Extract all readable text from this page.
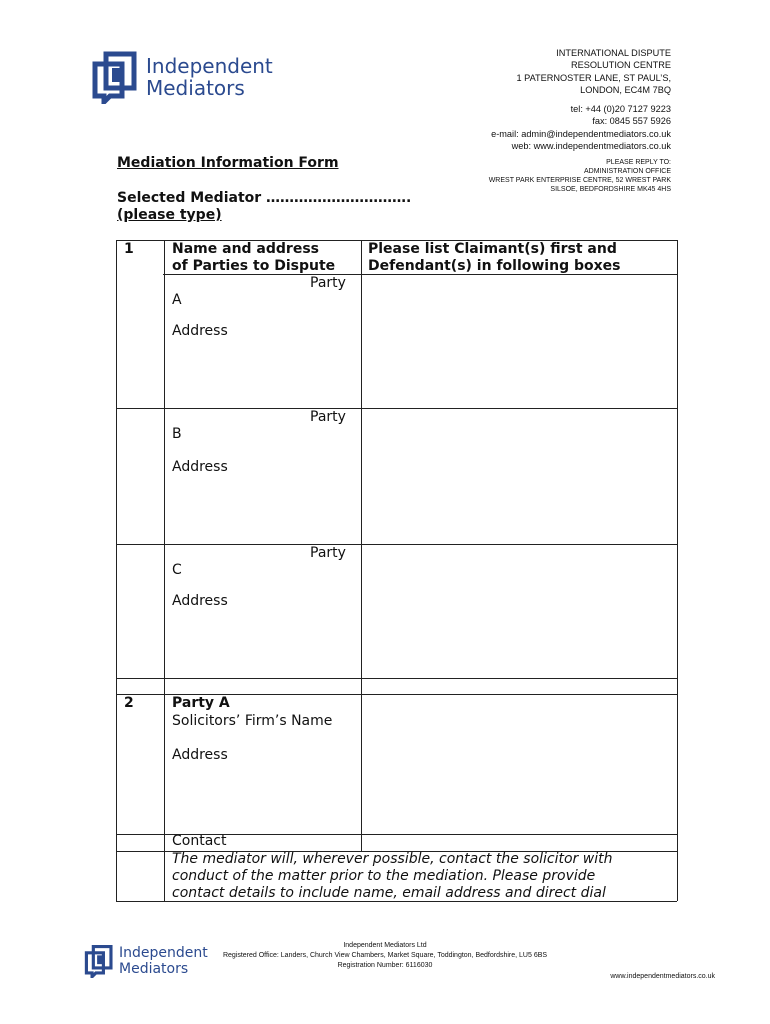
Independent
Mediators
INTERNATIONAL DISPUTE
RESOLUTION CENTRE
1 PATERNOSTER LANE, ST PAUL’S,
LONDON, EC4M 7BQ
tel: +44 (0)20 7127 9223
fax: 0845 557 5926
e-mail: admin@independentmediators.co.uk
web: www.independentmediators.co.uk
PLEASE REPLY TO:
ADMINISTRATION OFFICE
WREST PARK ENTERPRISE CENTRE, 52 WREST PARK
SILSOE, BEDFORDSHIRE MK45 4HS
Mediation Information Form
Selected Mediator ………………………….
(please type)
1	Name and address
of Parties to Dispute
Please list Claimant(s) first and
Defendant(s) in following boxes
Party
A
Address
Party
B
Address
Party
C
Address
2	Party A
Solicitors’ Firm’s Name
Address
Contact
The mediator will, wherever possible, contact the solicitor with
conduct of the matter prior to the mediation. Please provide
contact details to include name, email address and direct dial
Independent
Mediators
Independent Mediators Ltd
Registered Office: Landers, Church View Chambers, Market Square, Toddington, Bedfordshire, LU5 6BS
Registration Number: 6116030
www.independentmediators.co.uk
